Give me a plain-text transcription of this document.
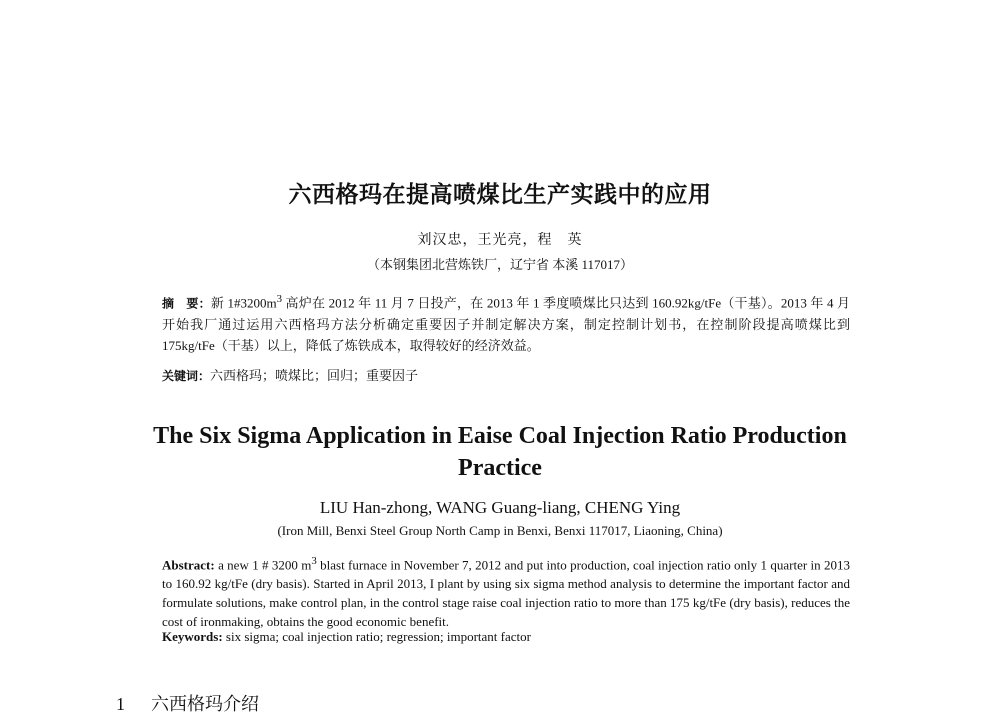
六西格玛在提高喷煤比生产实践中的应用
刘汉忠，王光亮，程　英
（本钢集团北营炼铁厂，辽宁省 本溪 117017）
摘　要：新 $1\#3200m^3$ 高炉在 2012 年 11 月 7 日投产，在 2013 年 1 季度喷煤比只达到 160.92kg/tFe（干基）。2013 年 4 月开始我厂通过运用六西格玛方法分析确定重要因子并制定解决方案，制定控制计划书，在控制阶段提高喷煤比到 175kg/tFe（干基）以上，降低了炼铁成本，取得较好的经济效益。
关键词：六西格玛；喷煤比；回归；重要因子
The Six Sigma Application in Eaise Coal Injection Ratio Production Practice
LIU Han-zhong, WANG Guang-liang, CHENG Ying
(Iron Mill, Benxi Steel Group North Camp in Benxi, Benxi 117017, Liaoning, China)
Abstract: a new 1 # 3200 $m^3$ blast furnace in November 7, 2012 and put into production, coal injection ratio only 1 quarter in 2013 to 160.92 kg/tFe (dry basis). Started in April 2013, I plant by using six sigma method analysis to determine the important factor and formulate solutions, make control plan, in the control stage raise coal injection ratio to more than 175 kg/tFe (dry basis), reduces the cost of ironmaking, obtains the good economic benefit.
Keywords: six sigma; coal injection ratio; regression; important factor
1 六西格玛介绍
